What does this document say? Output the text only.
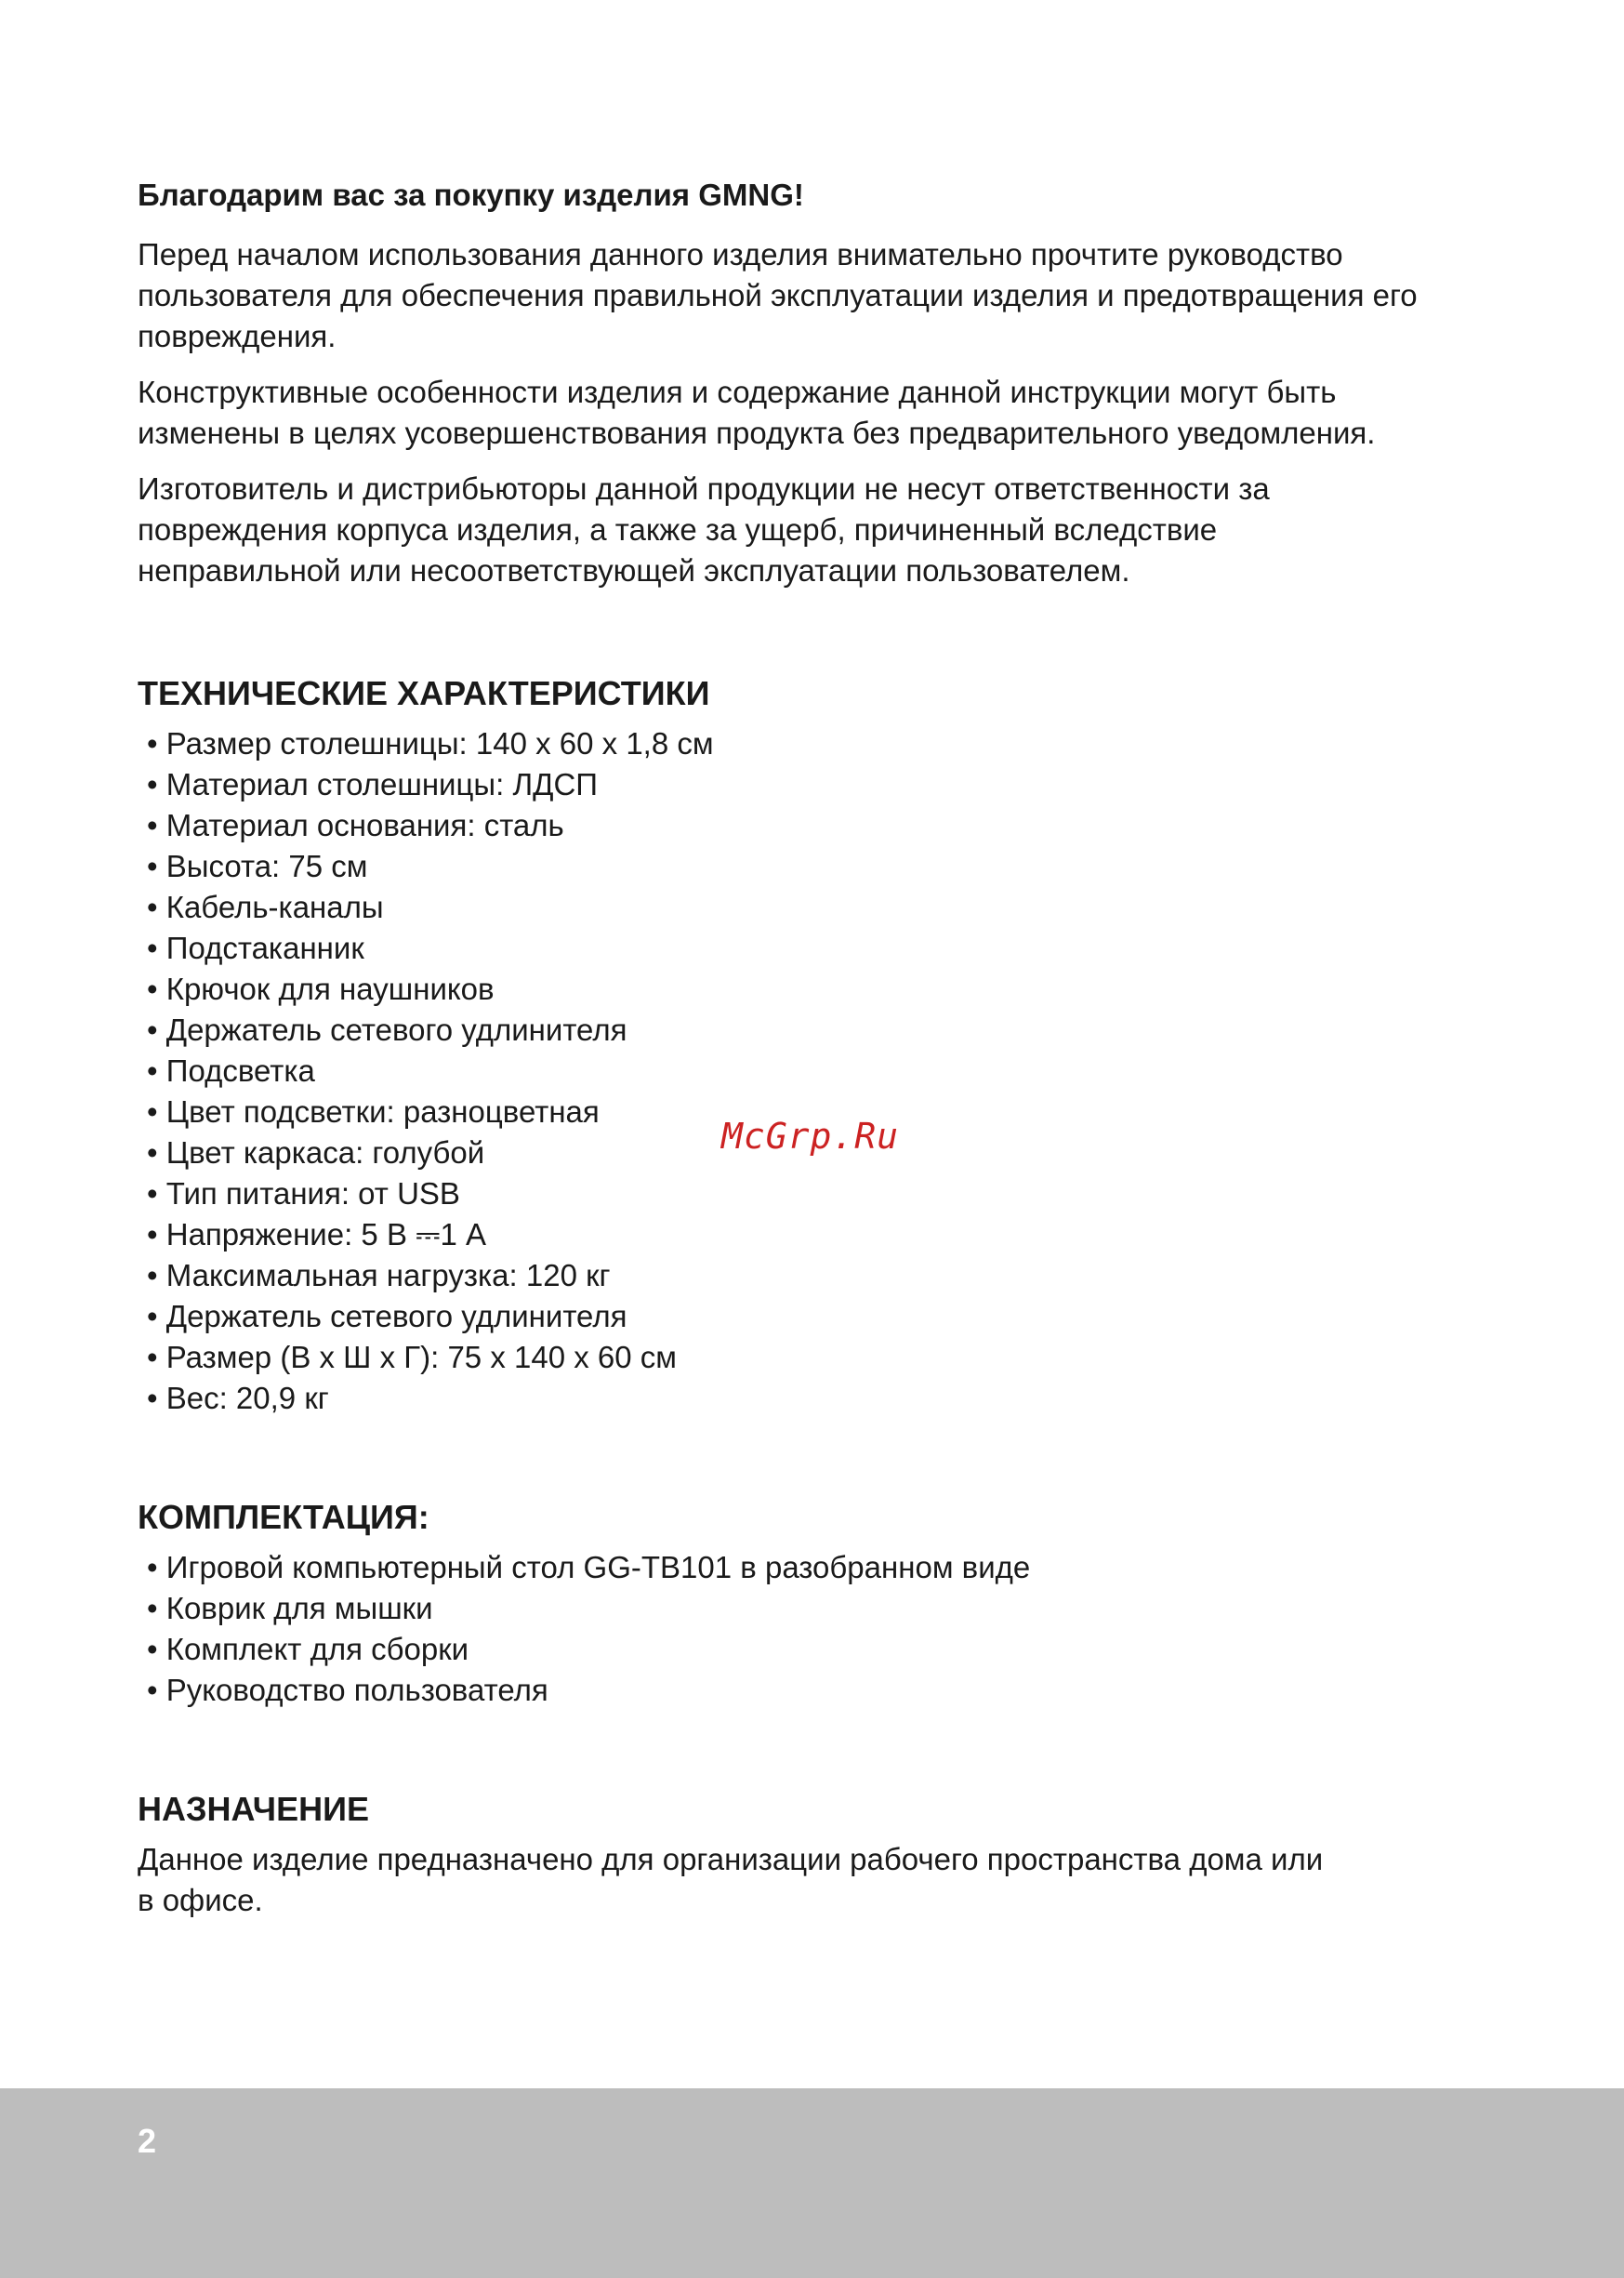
Благодарим вас за покупку изделия GMNG!

Перед началом использования данного изделия внимательно прочтите руководство пользователя для обеспечения правильной эксплуатации изделия и предотвращения его повреждения.

Конструктивные особенности изделия и содержание данной инструкции могут быть изменены в целях усовершенствования продукта без предварительного уведомления.

Изготовитель и дистрибьюторы данной продукции не несут ответственности за повреждения корпуса изделия, а также за ущерб, причиненный вследствие неправильной или несоответствующей эксплуатации пользователем.

ТЕХНИЧЕСКИЕ ХАРАКТЕРИСТИКИ
• Размер столешницы: 140 х 60 х 1,8 см
• Материал столешницы: ЛДСП
• Материал основания: сталь
• Высота: 75 см
• Кабель-каналы
• Подстаканник
• Крючок для наушников
• Держатель сетевого удлинителя
• Подсветка
• Цвет подсветки: разноцветная
• Цвет каркаса: голубой
• Тип питания: от USB
• Напряжение: 5 В ⎓1 А
• Максимальная нагрузка: 120 кг
• Держатель сетевого удлинителя
• Размер (В х Ш х Г): 75 х 140 х 60 см
• Вес: 20,9 кг
КОМПЛЕКТАЦИЯ:
• Игровой компьютерный стол GG-TB101 в разобранном виде
• Коврик для мышки
• Комплект для сборки
• Руководство пользователя
НАЗНАЧЕНИЕ

Данное изделие предназначено для организации рабочего пространства дома или в офисе.

McGrp.Ru
2
